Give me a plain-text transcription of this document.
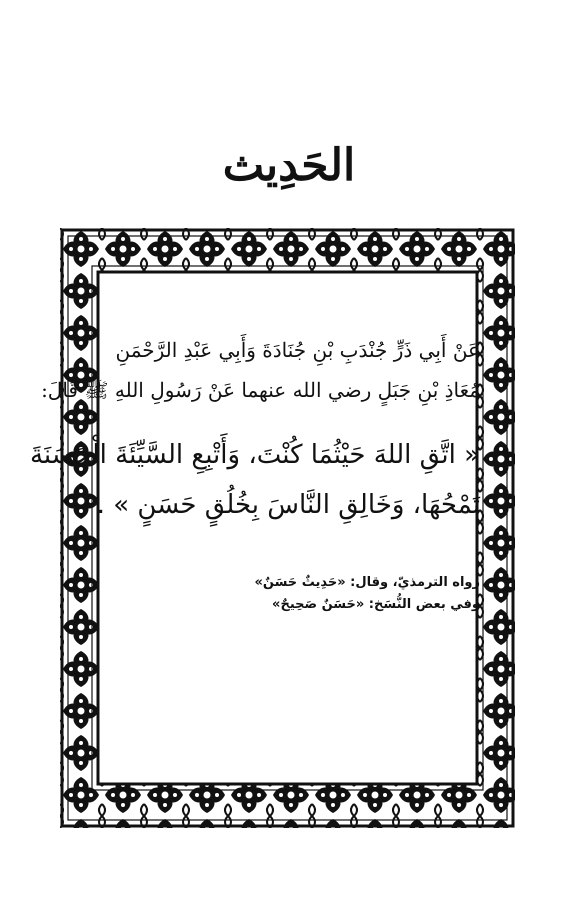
الحَدِيث
عَنْ أَبِي ذَرٍّ جُنْدَبِ بْنِ جُنَادَةَ وَأَبِي عَبْدِ الرَّحْمَنِ
مُعَاذِ بْنِ جَبَلٍ رضي الله عنهما عَنْ رَسُولِ اللهِ ﷺ قَالَ:
« اتَّقِ اللهَ حَيْثُمَا كُنْتَ، وَأَتْبِعِ السَّيِّئَةَ الْحَسَنَةَ
تَمْحُهَا، وَخَالِقِ النَّاسَ بِخُلُقٍ حَسَنٍ » .
رواه الترمذيّ، وقال: «حَدِيثٌ حَسَنٌ»
وفي بعض النُّسَخ: «حَسَنٌ صَحِيحٌ»
